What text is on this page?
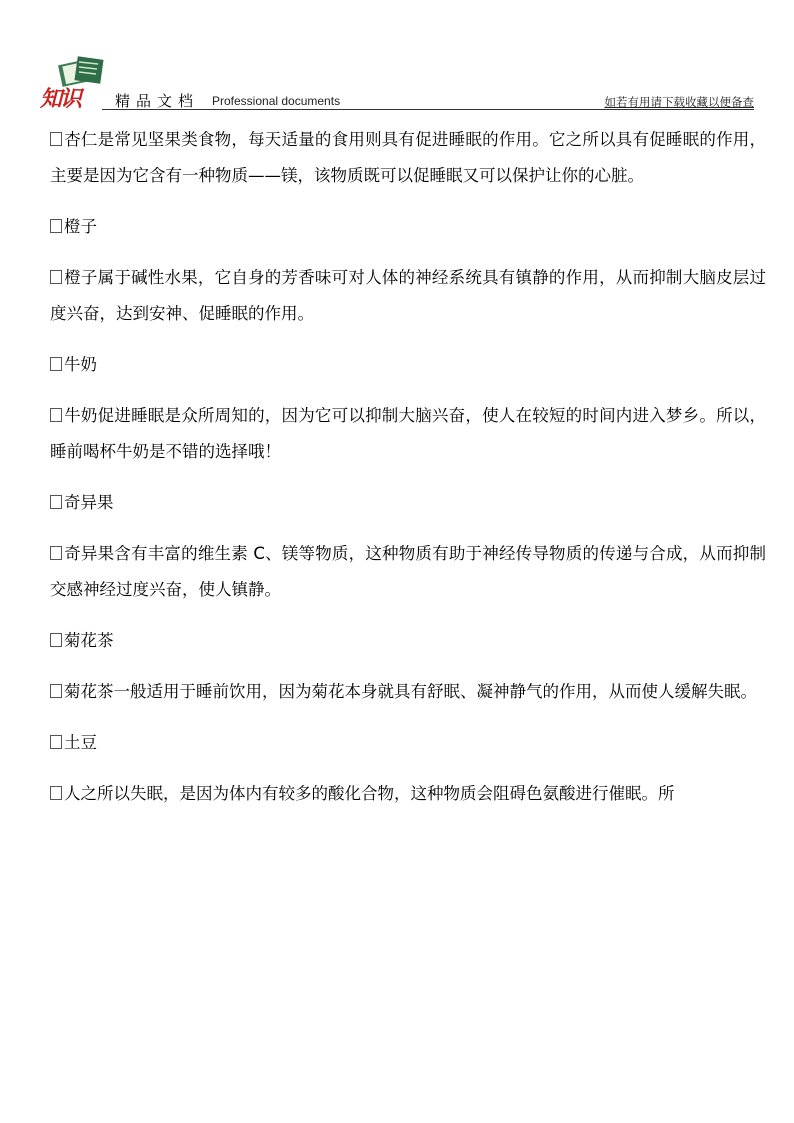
知识 精品文档 Professional documents	如若有用请下载收藏以便备查

杏仁是常见坚果类食物，每天适量的食用则具有促进睡眠的作用。它之所以具有促睡眠的作用，主要是因为它含有一种物质——镁，该物质既可以促睡眠又可以保护让你的心脏。

橙子

橙子属于碱性水果，它自身的芳香味可对人体的神经系统具有镇静的作用，从而抑制大脑皮层过度兴奋，达到安神、促睡眠的作用。

牛奶

牛奶促进睡眠是众所周知的，因为它可以抑制大脑兴奋，使人在较短的时间内进入梦乡。所以，睡前喝杯牛奶是不错的选择哦！

奇异果

奇异果含有丰富的维生素 C、镁等物质，这种物质有助于神经传导物质的传递与合成，从而抑制交感神经过度兴奋，使人镇静。

菊花茶

菊花茶一般适用于睡前饮用，因为菊花本身就具有舒眠、凝神静气的作用，从而使人缓解失眠。

土豆

人之所以失眠，是因为体内有较多的酸化合物，这种物质会阻碍色氨酸进行催眠。所
